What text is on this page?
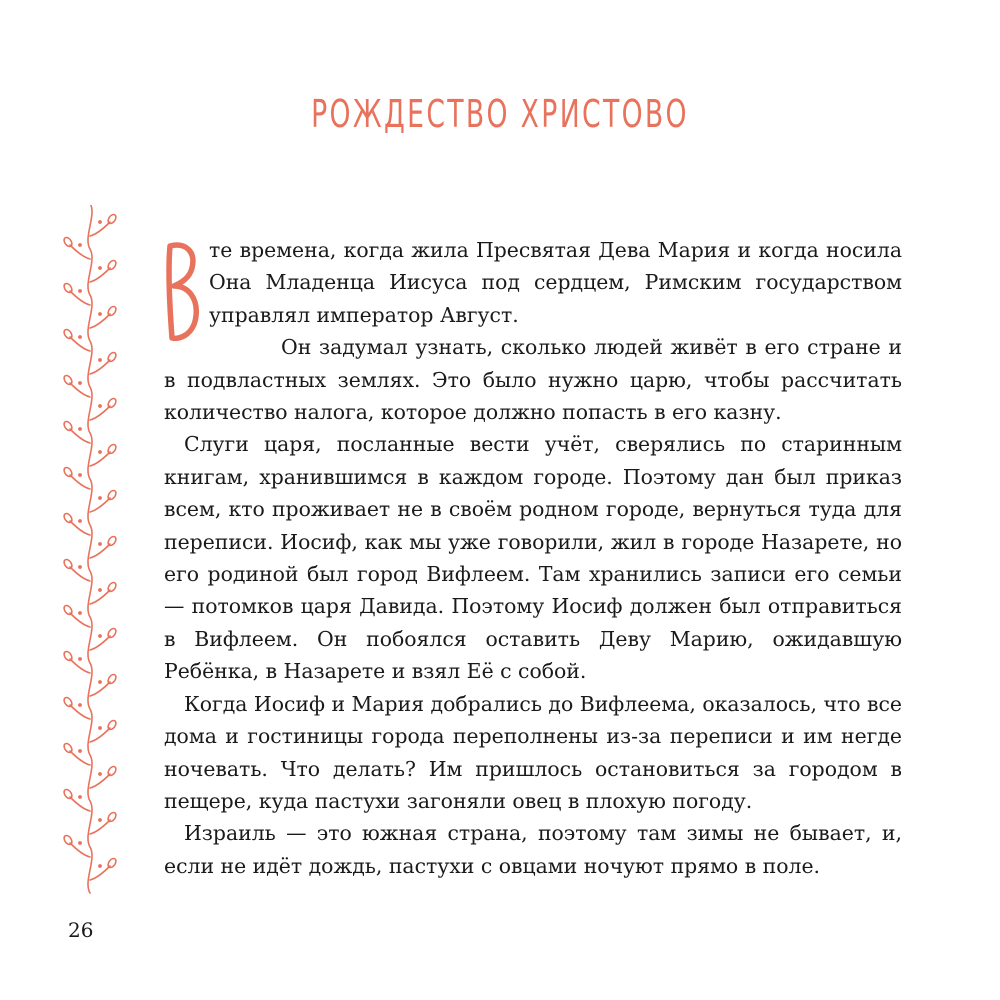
РОЖДЕСТВО ХРИСТОВО

те времена, когда жила Пресвятая Дева Мария и когда носила Она Младенца Иисуса под сердцем, Римским государством управлял император Август.

Он задумал узнать, сколько людей живёт в его стране и в подвластных землях. Это было нужно царю, чтобы рассчитать количество налога, которое должно попасть в его казну.

Слуги царя, посланные вести учёт, сверялись по старинным книгам, хранившимся в каждом городе. Поэтому дан был приказ всем, кто проживает не в своём родном городе, вернуться туда для переписи. Иосиф, как мы уже говорили, жил в городе Назарете, но его родиной был город Вифлеем. Там хранились записи его семьи — потомков царя Давида. Поэтому Иосиф должен был отправиться в Вифлеем. Он побоялся оставить Деву Марию, ожидавшую Ребёнка, в Назарете и взял Её с собой.

Когда Иосиф и Мария добрались до Вифлеема, оказалось, что все дома и гостиницы города переполнены из-за переписи и им негде ночевать. Что делать? Им пришлось остановиться за городом в пещере, куда пастухи загоняли овец в плохую погоду.

Израиль — это южная страна, поэтому там зимы не бывает, и, если не идёт дождь, пастухи с овцами ночуют прямо в поле.

26
